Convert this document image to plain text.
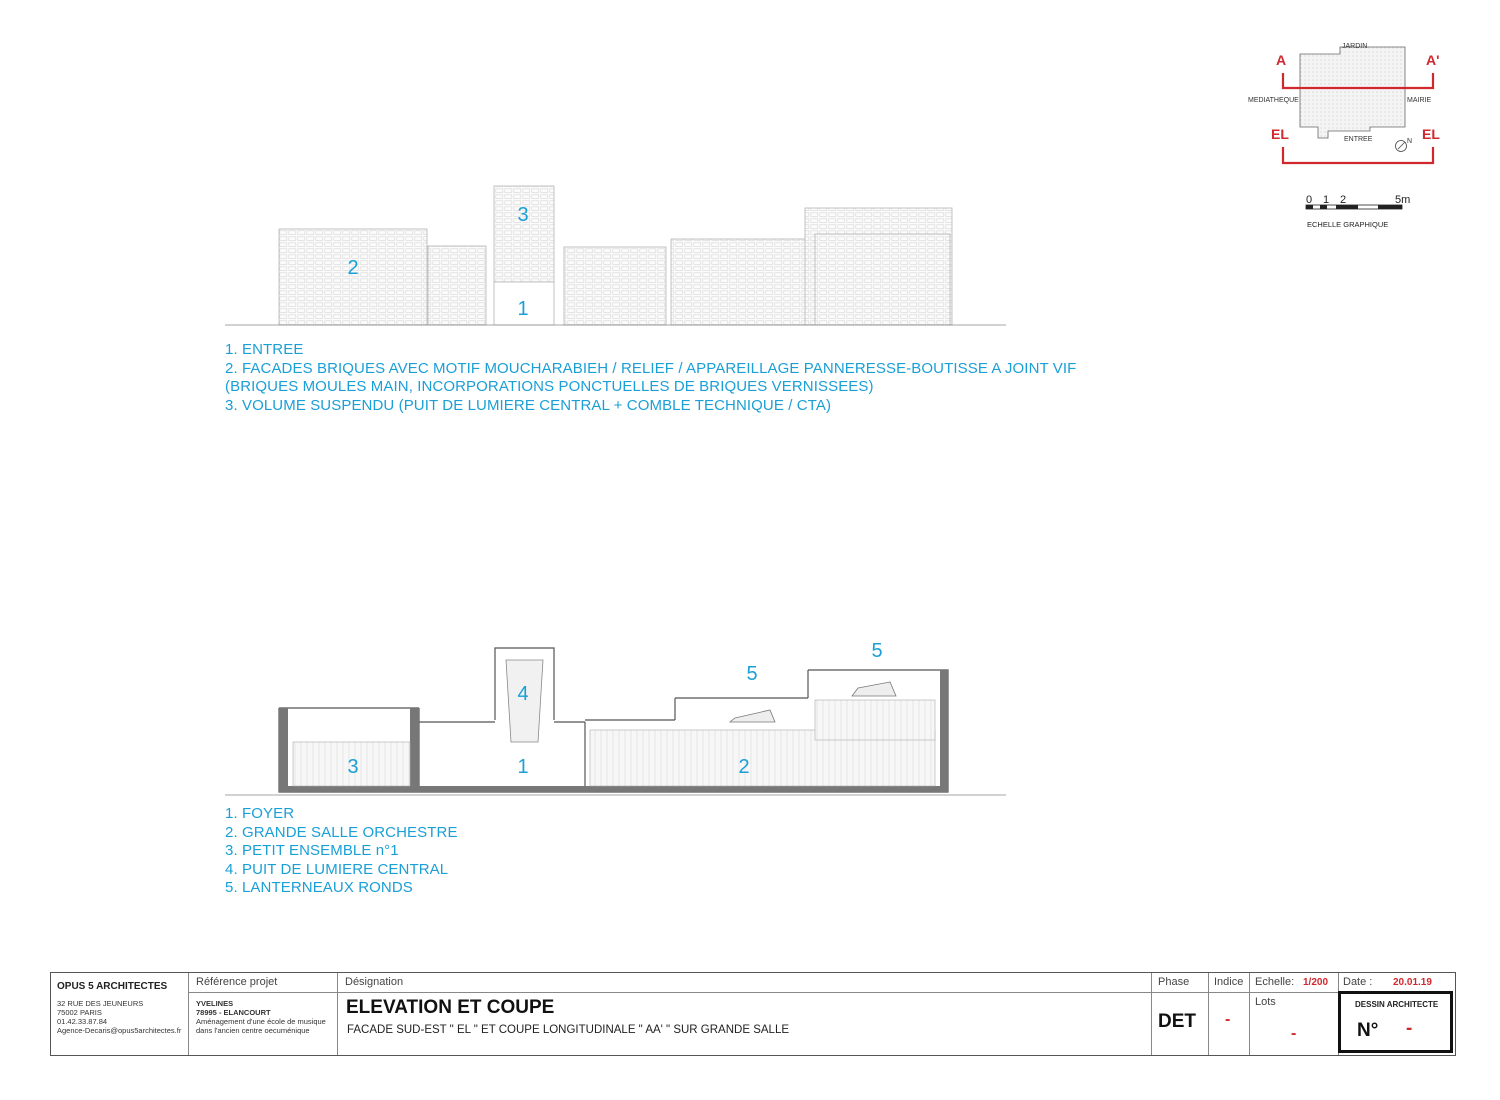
A	A'
EL	EL
JARDIN
MEDIATHEQUE	MAIRIE
ENTREE	N
0 1 2	5m
ECHELLE GRAPHIQUE
3
2
1
1. ENTREE
2. FACADES BRIQUES AVEC MOTIF MOUCHARABIEH / RELIEF / APPAREILLAGE PANNERESSE-BOUTISSE A JOINT VIF
(BRIQUES MOULES MAIN, INCORPORATIONS PONCTUELLES DE BRIQUES VERNISSEES)
3. VOLUME SUSPENDU (PUIT DE LUMIERE CENTRAL + COMBLE TECHNIQUE / CTA)
4
3	1	2
5
5
1. FOYER
2. GRANDE SALLE ORCHESTRE
3. PETIT ENSEMBLE n°1
4. PUIT DE LUMIERE CENTRAL
5. LANTERNEAUX RONDS
OPUS 5 ARCHITECTES
32 RUE DES JEUNEURS
75002 PARIS
01.42.33.87.84
Agence-Decaris@opus5architectes.fr
Référence projet
YVELINES
78995 - ELANCOURT
Aménagement d'une école de musique
dans l'ancien centre oecuménique
Désignation
ELEVATION ET COUPE
FACADE SUD-EST " EL " ET COUPE LONGITUDINALE " AA' " SUR GRANDE SALLE
Phase
DET
Indice
-
Echelle: 1/200
Lots
-
Date : 20.01.19
DESSIN ARCHITECTE
N° -
